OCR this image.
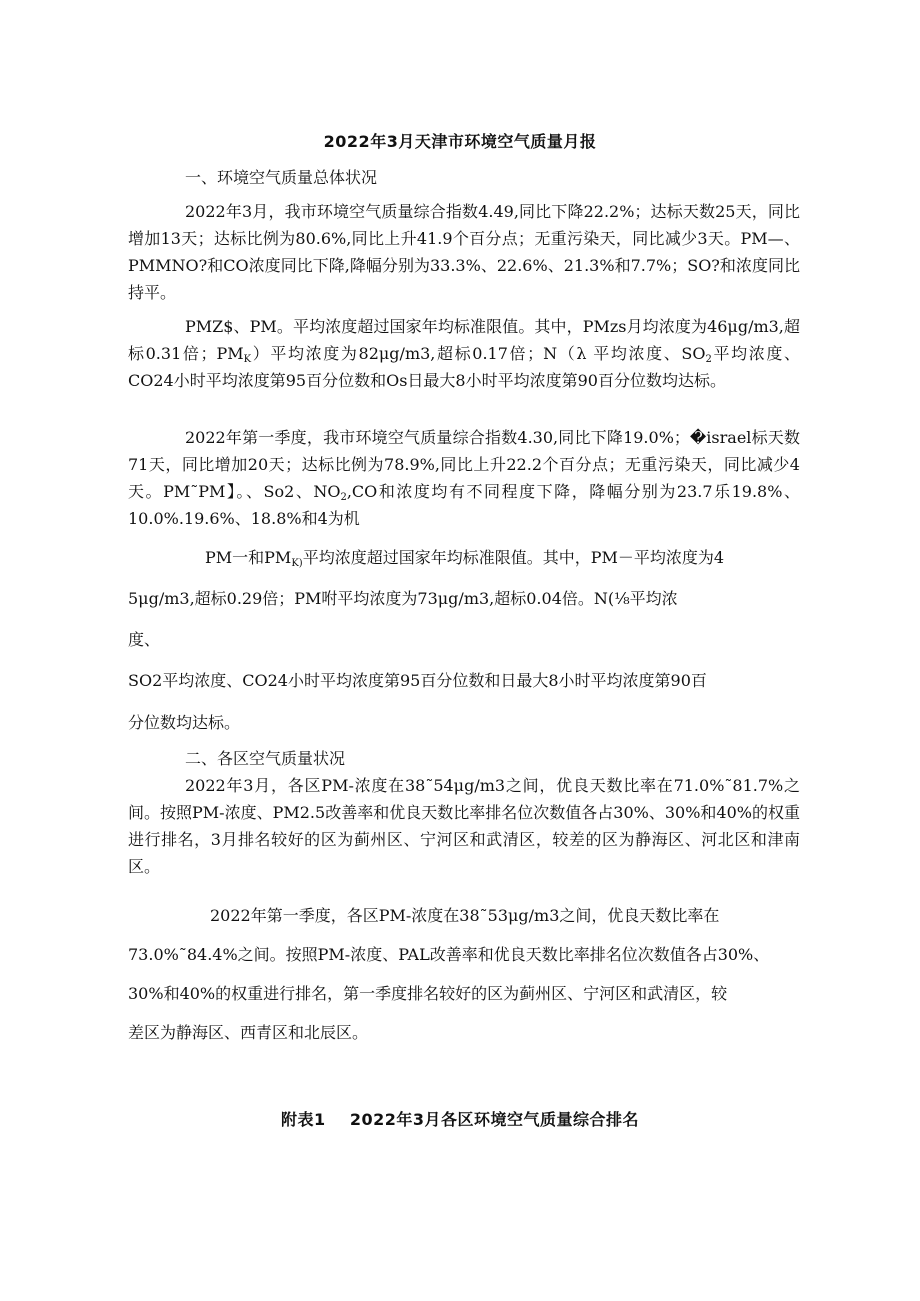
2022年3月天津市环境空气质量月报
一、环境空气质量总体状况
2022年3月，我市环境空气质量综合指数4.49,同比下降22.2%；达标天数25天，同比增加13天；达标比例为80.6%,同比上升41.9个百分点；无重污染天，同比减少3天。PM—、PMMNO?和CO浓度同比下降,降幅分别为33.3%、22.6%、21.3%和7.7%；SO?和浓度同比持平。
PMZ$、PM。平均浓度超过国家年均标准限值。其中，PMzs月均浓度为46μg/m3,超标0.31倍；$PM_K$）平均浓度为82μg/m3,超标0.17倍；N（λ 平均浓度、$SO_2$平均浓度、CO24小时平均浓度第95百分位数和Os日最大8小时平均浓度第90百分位数均达标。
2022年第一季度，我市环境空气质量综合指数4.30,同比下降19.0%；�israel标天数71天，同比增加20天；达标比例为78.9%,同比上升22.2个百分点；无重污染天，同比减少4天。PM˜PM】。、So2、$NO_2,CO$和浓度均有不同程度下降，降幅分别为23.7乐19.8%、10.0%.19.6%、18.8%和4为机
PM一和$PM_{K)}$平均浓度超过国家年均标准限值。其中，PM－平均浓度为4
5μg/m3,超标0.29倍；PM咐平均浓度为73μg/m3,超标0.04倍。N(⅛平均浓
度、
SO2平均浓度、CO24小时平均浓度第95百分位数和日最大8小时平均浓度第90百
分位数均达标。
二、各区空气质量状况
2022年3月，各区PM-浓度在38˜54μg/m3之间，优良天数比率在71.0%˜81.7%之间。按照PM-浓度、PM2.5改善率和优良天数比率排名位次数值各占30%、30%和40%的权重进行排名，3月排名较好的区为蓟州区、宁河区和武清区，较差的区为静海区、河北区和津南区。
2022年第一季度，各区PM-浓度在38˜53μg/m3之间，优良天数比率在
73.0%˜84.4%之间。按照PM-浓度、PAL改善率和优良天数比率排名位次数值各占30%、
30%和40%的权重进行排名，第一季度排名较好的区为蓟州区、宁河区和武清区，较
差区为静海区、西青区和北辰区。
附表1    2022年3月各区环境空气质量综合排名
